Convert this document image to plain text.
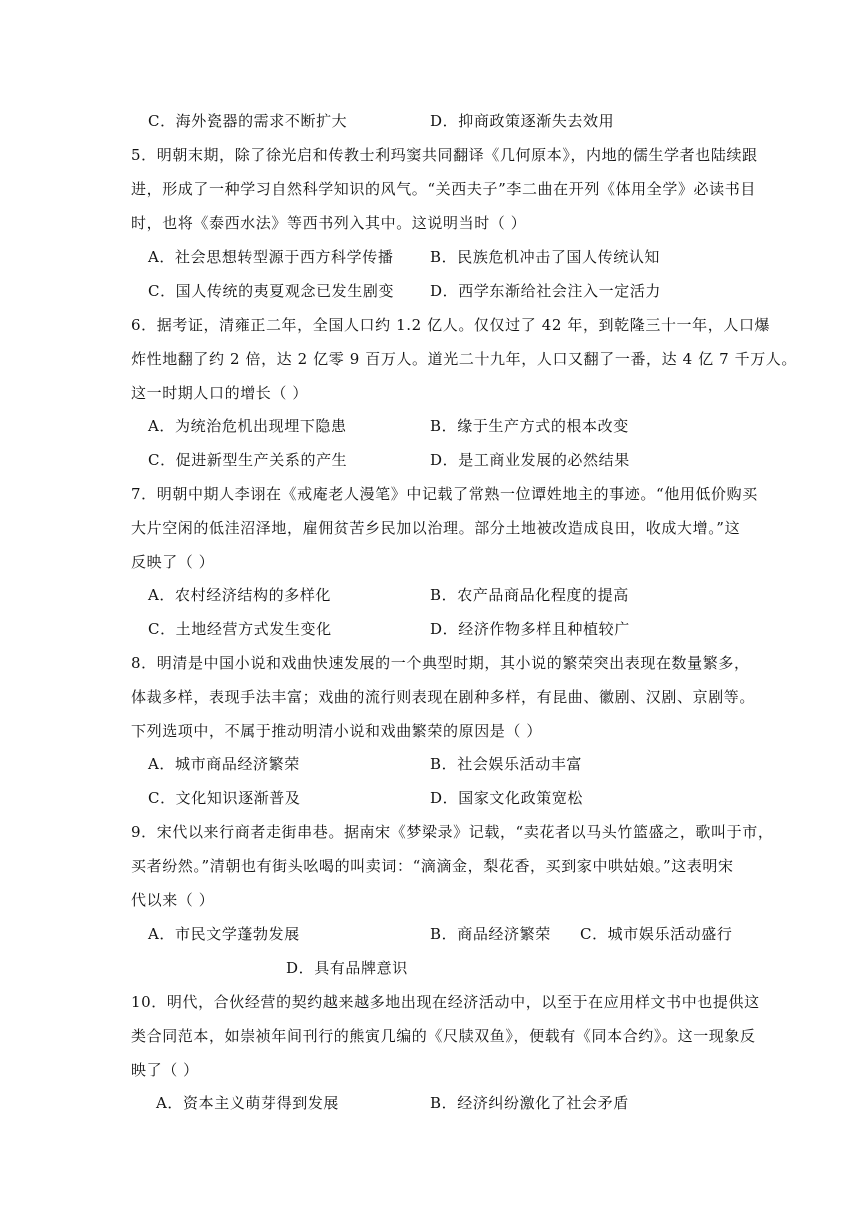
C．海外瓷器的需求不断扩大	D．抑商政策逐渐失去效用
5．明朝末期，除了徐光启和传教士利玛窦共同翻译《几何原本》，内地的儒生学者也陆续跟
进，形成了一种学习自然科学知识的风气。“关西夫子”李二曲在开列《体用全学》必读书目
时，也将《泰西水法》等西书列入其中。这说明当时（ ）
A．社会思想转型源于西方科学传播 B．民族危机冲击了国人传统认知
C．国人传统的夷夏观念已发生剧变 D．西学东渐给社会注入一定活力
6．据考证，清雍正二年，全国人口约 1.2 亿人。仅仅过了 42 年，到乾隆三十一年，人口爆
炸性地翻了约 2 倍，达 2 亿零 9 百万人。道光二十九年，人口又翻了一番，达 4 亿 7 千万人。
这一时期人口的增长（ ）
A．为统治危机出现埋下隐患	B．缘于生产方式的根本改变
C．促进新型生产关系的产生	D．是工商业发展的必然结果
7．明朝中期人李诩在《戒庵老人漫笔》中记载了常熟一位谭姓地主的事迹。“他用低价购买
大片空闲的低洼沼泽地，雇佣贫苦乡民加以治理。部分土地被改造成良田，收成大增。”这
反映了（ ）
A．农村经济结构的多样化	B．农产品商品化程度的提高
C．土地经营方式发生变化	D．经济作物多样且种植较广
8．明清是中国小说和戏曲快速发展的一个典型时期，其小说的繁荣突出表现在数量繁多，
体裁多样，表现手法丰富；戏曲的流行则表现在剧种多样，有昆曲、徽剧、汉剧、京剧等。
下列选项中，不属于推动明清小说和戏曲繁荣的原因是（ ）
A．城市商品经济繁荣	B．社会娱乐活动丰富
C．文化知识逐渐普及	D．国家文化政策宽松
9．宋代以来行商者走街串巷。据南宋《梦梁录》记载，“卖花者以马头竹篮盛之，歌叫于市，
买者纷然。”清朝也有街头吆喝的叫卖词：“滴滴金，梨花香，买到家中哄姑娘。”这表明宋
代以来（ ）
A．市民文学蓬勃发展	B．商品经济繁荣 C．城市娱乐活动盛行
D．具有品牌意识
10．明代，合伙经营的契约越来越多地出现在经济活动中，以至于在应用样文书中也提供这
类合同范本，如崇祯年间刊行的熊寅几编的《尺牍双鱼》，便载有《同本合约》。这一现象反
映了（ ）
A．资本主义萌芽得到发展	B．经济纠纷激化了社会矛盾
